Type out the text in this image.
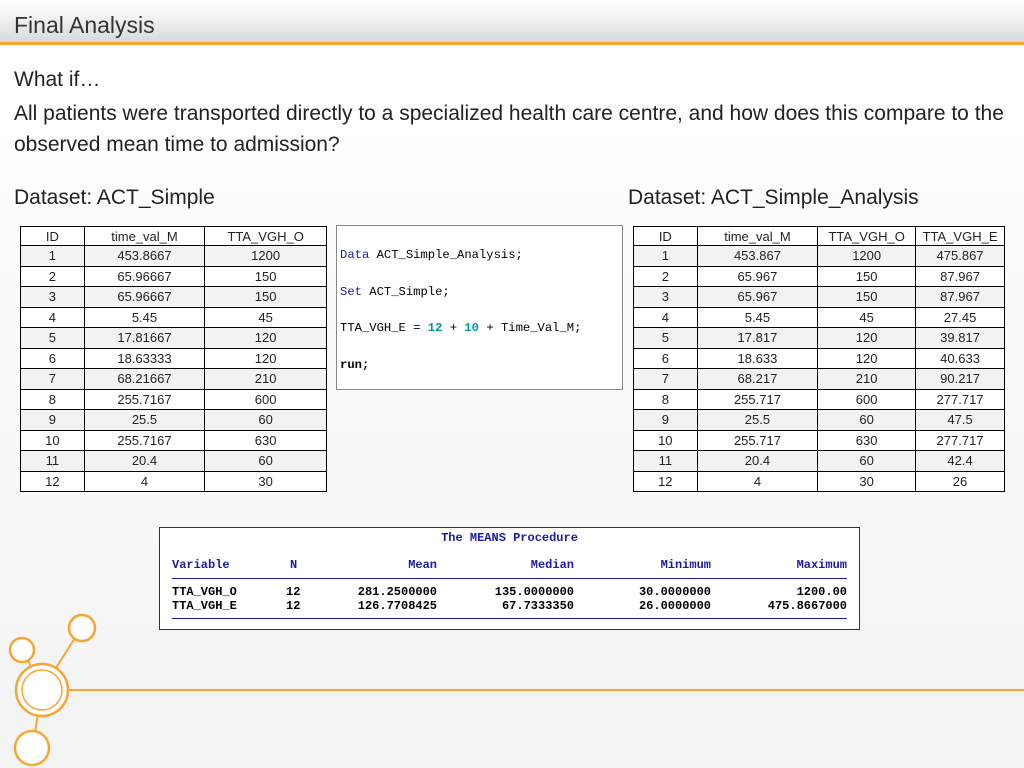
Final Analysis
What if…
All patients were transported directly to a specialized health care centre, and how does this compare to the observed mean time to admission?
Dataset: ACT_Simple	Dataset: ACT_Simple_Analysis
ID	time_val_M	TTA_VGH_O
1	453.8667	1200
2	65.96667	150
3	65.96667	150
4	5.45	45
5	17.81667	120
6	18.63333	120
7	68.21667	210
8	255.7167	600
9	25.5	60
10	255.7167	630
11	20.4	60
12	4	30

Data ACT_Simple_Analysis;

Set ACT_Simple;

TTA_VGH_E = 12 + 10 + Time_Val_M;

run;

ID	time_val_M	TTA_VGH_O	TTA_VGH_E
1	453.867	1200	475.867
2	65.967	150	87.967
3	65.967	150	87.967
4	5.45	45	27.45
5	17.817	120	39.817
6	18.633	120	40.633
7	68.217	210	90.217
8	255.717	600	277.717
9	25.5	60	47.5
10	255.717	630	277.717
11	20.4	60	42.4
12	4	30	26
The MEANS Procedure
Variable	N	Mean	Median	Minimum	Maximum
TTA_VGH_O	12	281.2500000	135.0000000	30.0000000	1200.00
TTA_VGH_E	12	126.7708425	67.7333350	26.0000000	475.8667000
